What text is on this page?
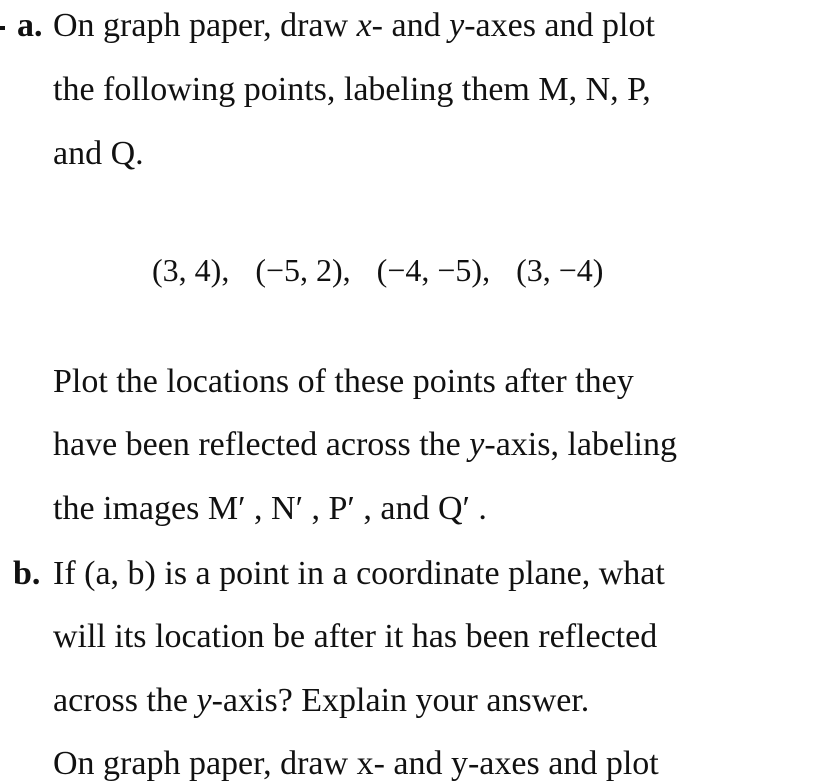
a. On graph paper, draw x- and y-axes and plot
the following points, labeling them M, N, P,
and Q.
(3, 4), (−5, 2), (−4, −5), (3, −4)
Plot the locations of these points after they
have been reflected across the y-axis, labeling
the images M′ , N′ , P′ , and Q′ .
b. If (a, b) is a point in a coordinate plane, what
will its location be after it has been reflected
across the y-axis? Explain your answer.
On graph paper, draw x- and y-axes and plot
